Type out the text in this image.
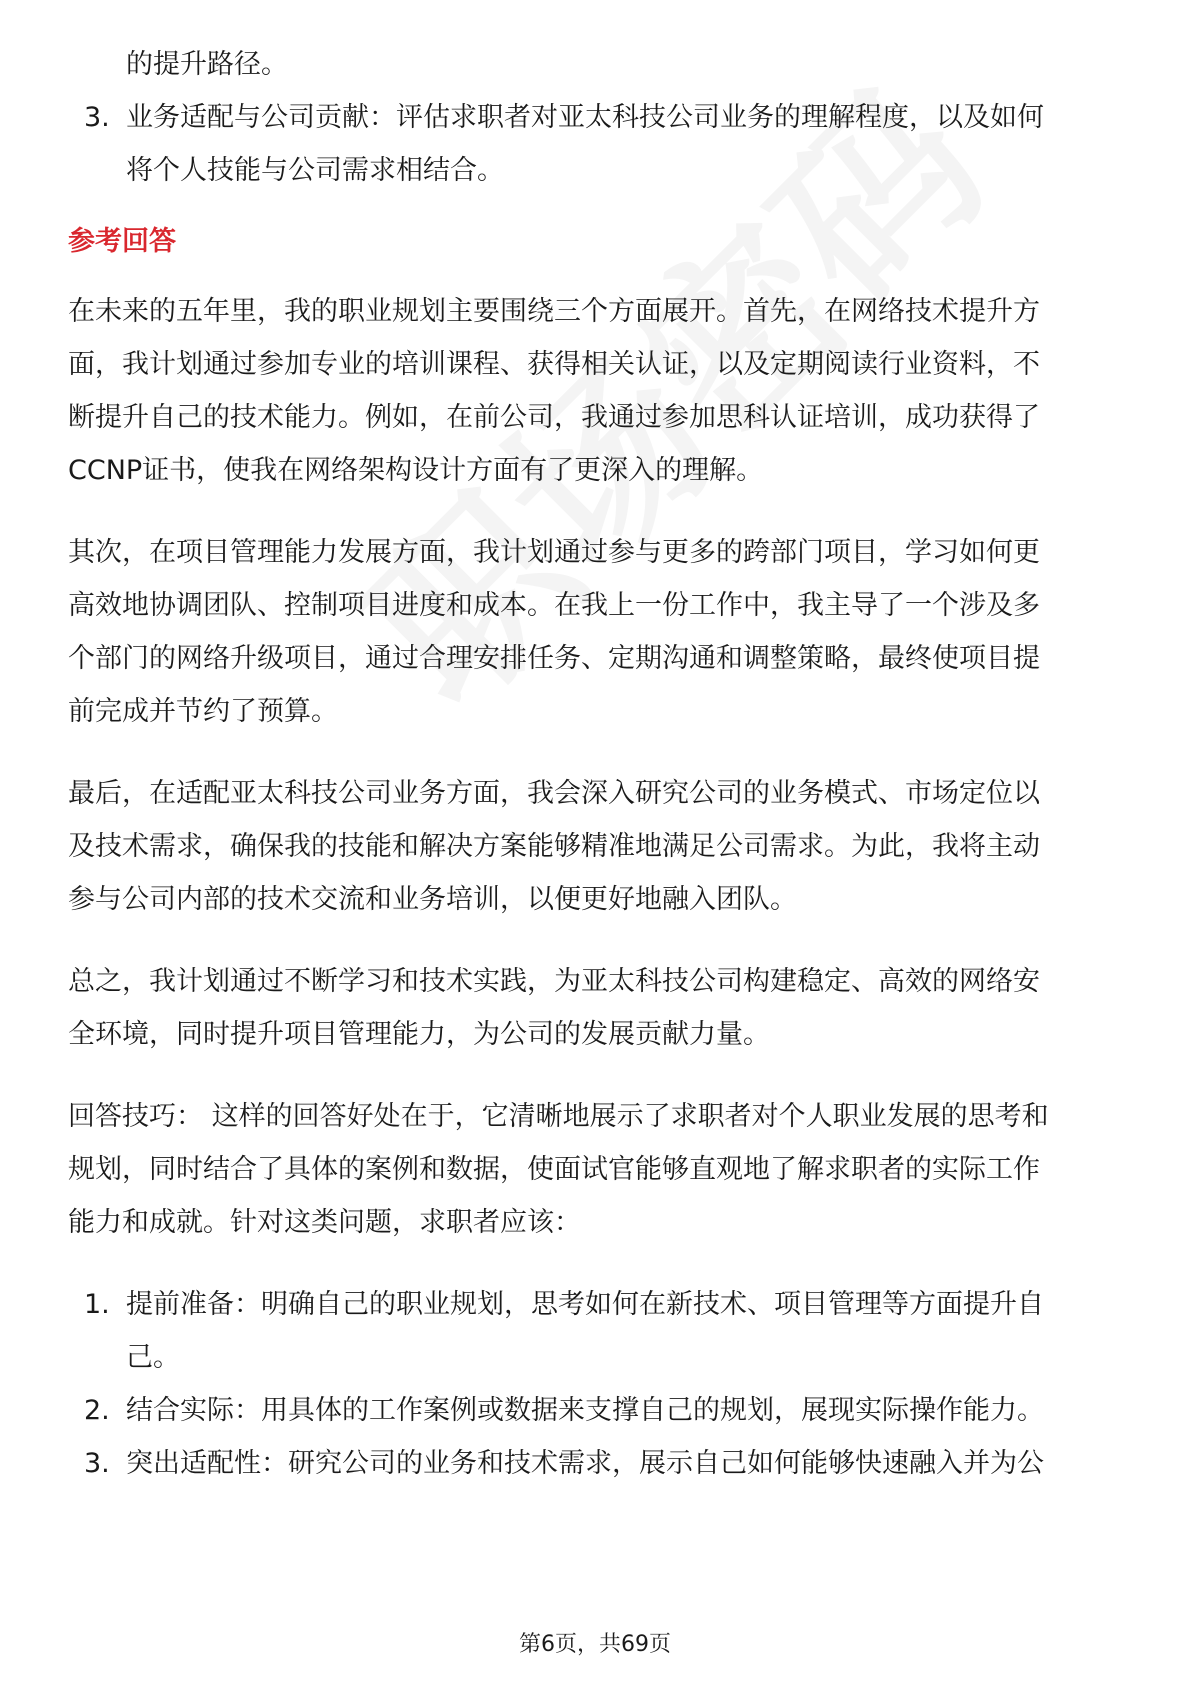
的提升路径。

3. 业务适配与公司贡献：评估求职者对亚太科技公司业务的理解程度，以及如何

将个人技能与公司需求相结合。

参考回答

在未来的五年里，我的职业规划主要围绕三个方面展开。首先，在网络技术提升方

面，我计划通过参加专业的培训课程、获得相关认证，以及定期阅读行业资料，不

断提升自己的技术能力。例如，在前公司，我通过参加思科认证培训，成功获得了

CCNP证书，使我在网络架构设计方面有了更深入的理解。

其次，在项目管理能力发展方面，我计划通过参与更多的跨部门项目，学习如何更

高效地协调团队、控制项目进度和成本。在我上一份工作中，我主导了一个涉及多

个部门的网络升级项目，通过合理安排任务、定期沟通和调整策略，最终使项目提

前完成并节约了预算。

最后，在适配亚太科技公司业务方面，我会深入研究公司的业务模式、市场定位以

及技术需求，确保我的技能和解决方案能够精准地满足公司需求。为此，我将主动

参与公司内部的技术交流和业务培训，以便更好地融入团队。

总之，我计划通过不断学习和技术实践，为亚太科技公司构建稳定、高效的网络安

全环境，同时提升项目管理能力，为公司的发展贡献力量。

回答技巧： 这样的回答好处在于，它清晰地展示了求职者对个人职业发展的思考和

规划，同时结合了具体的案例和数据，使面试官能够直观地了解求职者的实际工作

能力和成就。针对这类问题，求职者应该：

1. 提前准备：明确自己的职业规划，思考如何在新技术、项目管理等方面提升自

己。

2. 结合实际：用具体的工作案例或数据来支撑自己的规划，展现实际操作能力。

3. 突出适配性：研究公司的业务和技术需求，展示自己如何能够快速融入并为公

第6页，共69页
